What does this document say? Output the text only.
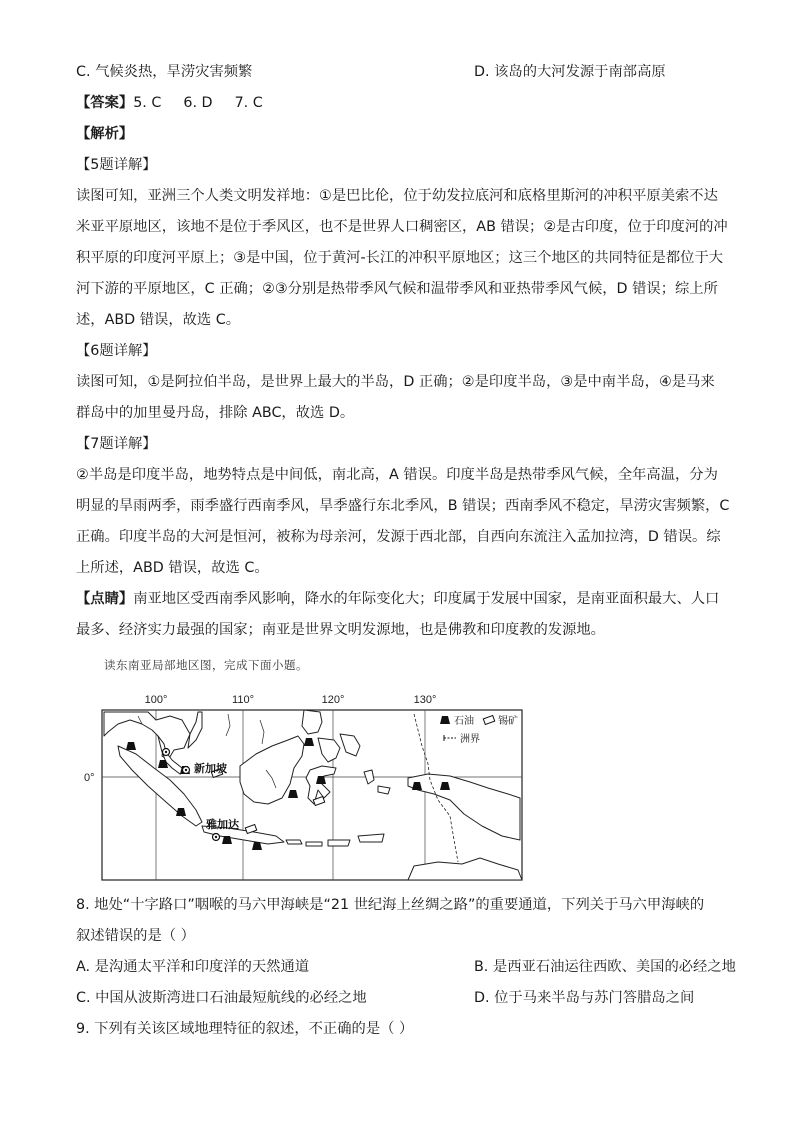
C. 气候炎热，旱涝灾害频繁	D. 该岛的大河发源于南部高原
【答案】5. C 6. D 7. C
【解析】
【5题详解】
读图可知，亚洲三个人类文明发祥地：①是巴比伦，位于幼发拉底河和底格里斯河的冲积平原美索不达
米亚平原地区，该地不是位于季风区，也不是世界人口稠密区，AB 错误；②是古印度，位于印度河的冲
积平原的印度河平原上；③是中国，位于黄河-长江的冲积平原地区；这三个地区的共同特征是都位于大
河下游的平原地区，C 正确；②③分别是热带季风气候和温带季风和亚热带季风气候，D 错误；综上所
述，ABD 错误，故选 C。
【6题详解】
读图可知，①是阿拉伯半岛，是世界上最大的半岛，D 正确；②是印度半岛，③是中南半岛，④是马来
群岛中的加里曼丹岛，排除 ABC，故选 D。
【7题详解】
②半岛是印度半岛，地势特点是中间低，南北高，A 错误。印度半岛是热带季风气候，全年高温，分为
明显的旱雨两季，雨季盛行西南季风，旱季盛行东北季风，B 错误；西南季风不稳定，旱涝灾害频繁，C
正确。印度半岛的大河是恒河，被称为母亲河，发源于西北部，自西向东流注入孟加拉湾，D 错误。综
上所述，ABD 错误，故选 C。
【点睛】南亚地区受西南季风影响，降水的年际变化大；印度属于发展中国家，是南亚面积最大、人口
最多、经济实力最强的国家；南亚是世界文明发源地，也是佛教和印度教的发源地。
读东南亚局部地区图，完成下面小题。
100°	110°	120°	130°
0°
新加坡
雅加达
石油 锡矿
洲界
8. 地处“十字路口”咽喉的马六甲海峡是“21 世纪海上丝绸之路”的重要通道，下列关于马六甲海峡的
叙述错误的是（ ）
A. 是沟通太平洋和印度洋的天然通道	B. 是西亚石油运往西欧、美国的必经之地
C. 中国从波斯湾进口石油最短航线的必经之地	D. 位于马来半岛与苏门答腊岛之间
9. 下列有关该区域地理特征的叙述，不正确的是（ ）
